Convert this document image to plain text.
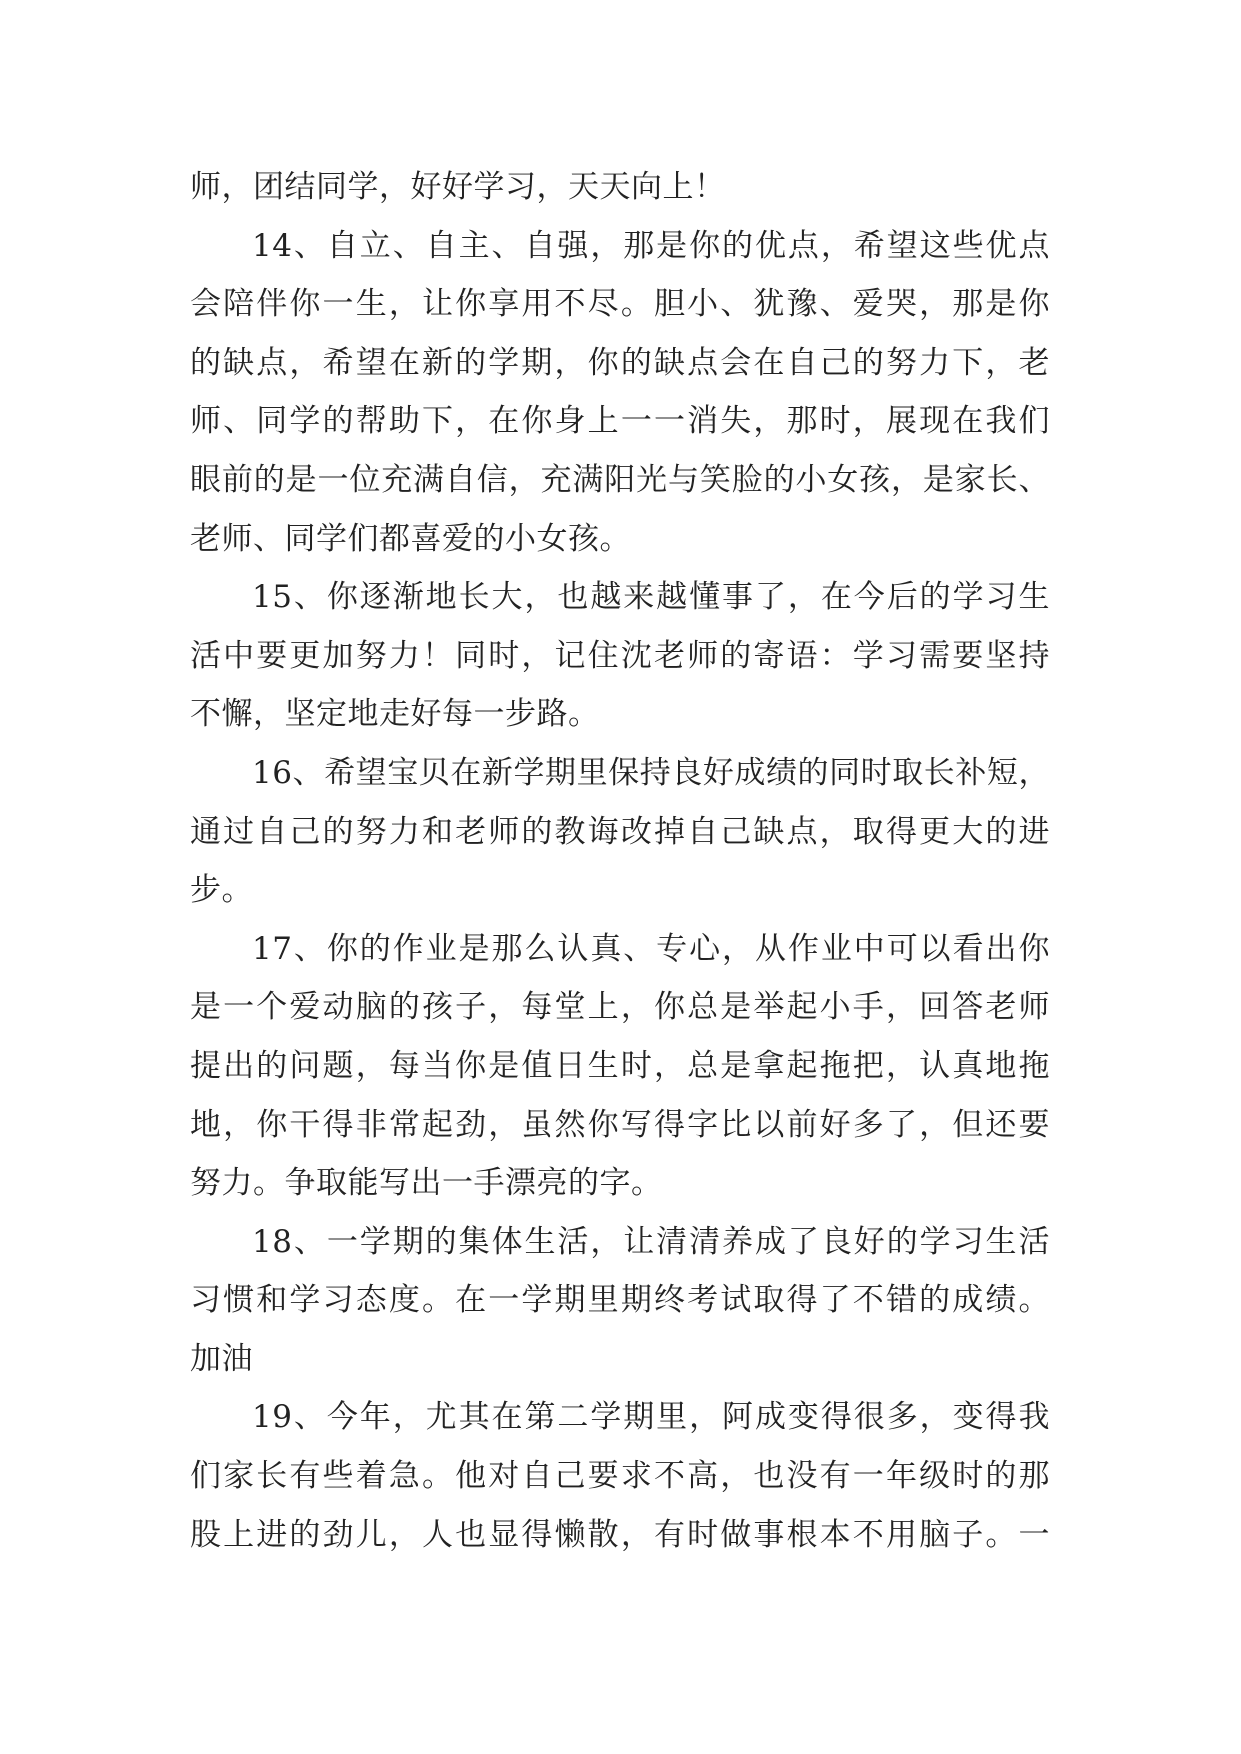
师，团结同学，好好学习，天天向上！
14、自立、自主、自强，那是你的优点，希望这些优点
会陪伴你一生，让你享用不尽。胆小、犹豫、爱哭，那是你
的缺点，希望在新的学期，你的缺点会在自己的努力下，老
师、同学的帮助下，在你身上一一消失，那时，展现在我们
眼前的是一位充满自信，充满阳光与笑脸的小女孩，是家长、
老师、同学们都喜爱的小女孩。
15、你逐渐地长大，也越来越懂事了，在今后的学习生
活中要更加努力！同时，记住沈老师的寄语：学习需要坚持
不懈，坚定地走好每一步路。
16、希望宝贝在新学期里保持良好成绩的同时取长补短，
通过自己的努力和老师的教诲改掉自己缺点，取得更大的进
步。
17、你的作业是那么认真、专心，从作业中可以看出你
是一个爱动脑的孩子，每堂上，你总是举起小手，回答老师
提出的问题，每当你是值日生时，总是拿起拖把，认真地拖
地，你干得非常起劲，虽然你写得字比以前好多了，但还要
努力。争取能写出一手漂亮的字。
18、一学期的集体生活，让清清养成了良好的学习生活
习惯和学习态度。在一学期里期终考试取得了不错的成绩。
加油
19、今年，尤其在第二学期里，阿成变得很多，变得我
们家长有些着急。他对自己要求不高，也没有一年级时的那
股上进的劲儿，人也显得懒散，有时做事根本不用脑子。一
